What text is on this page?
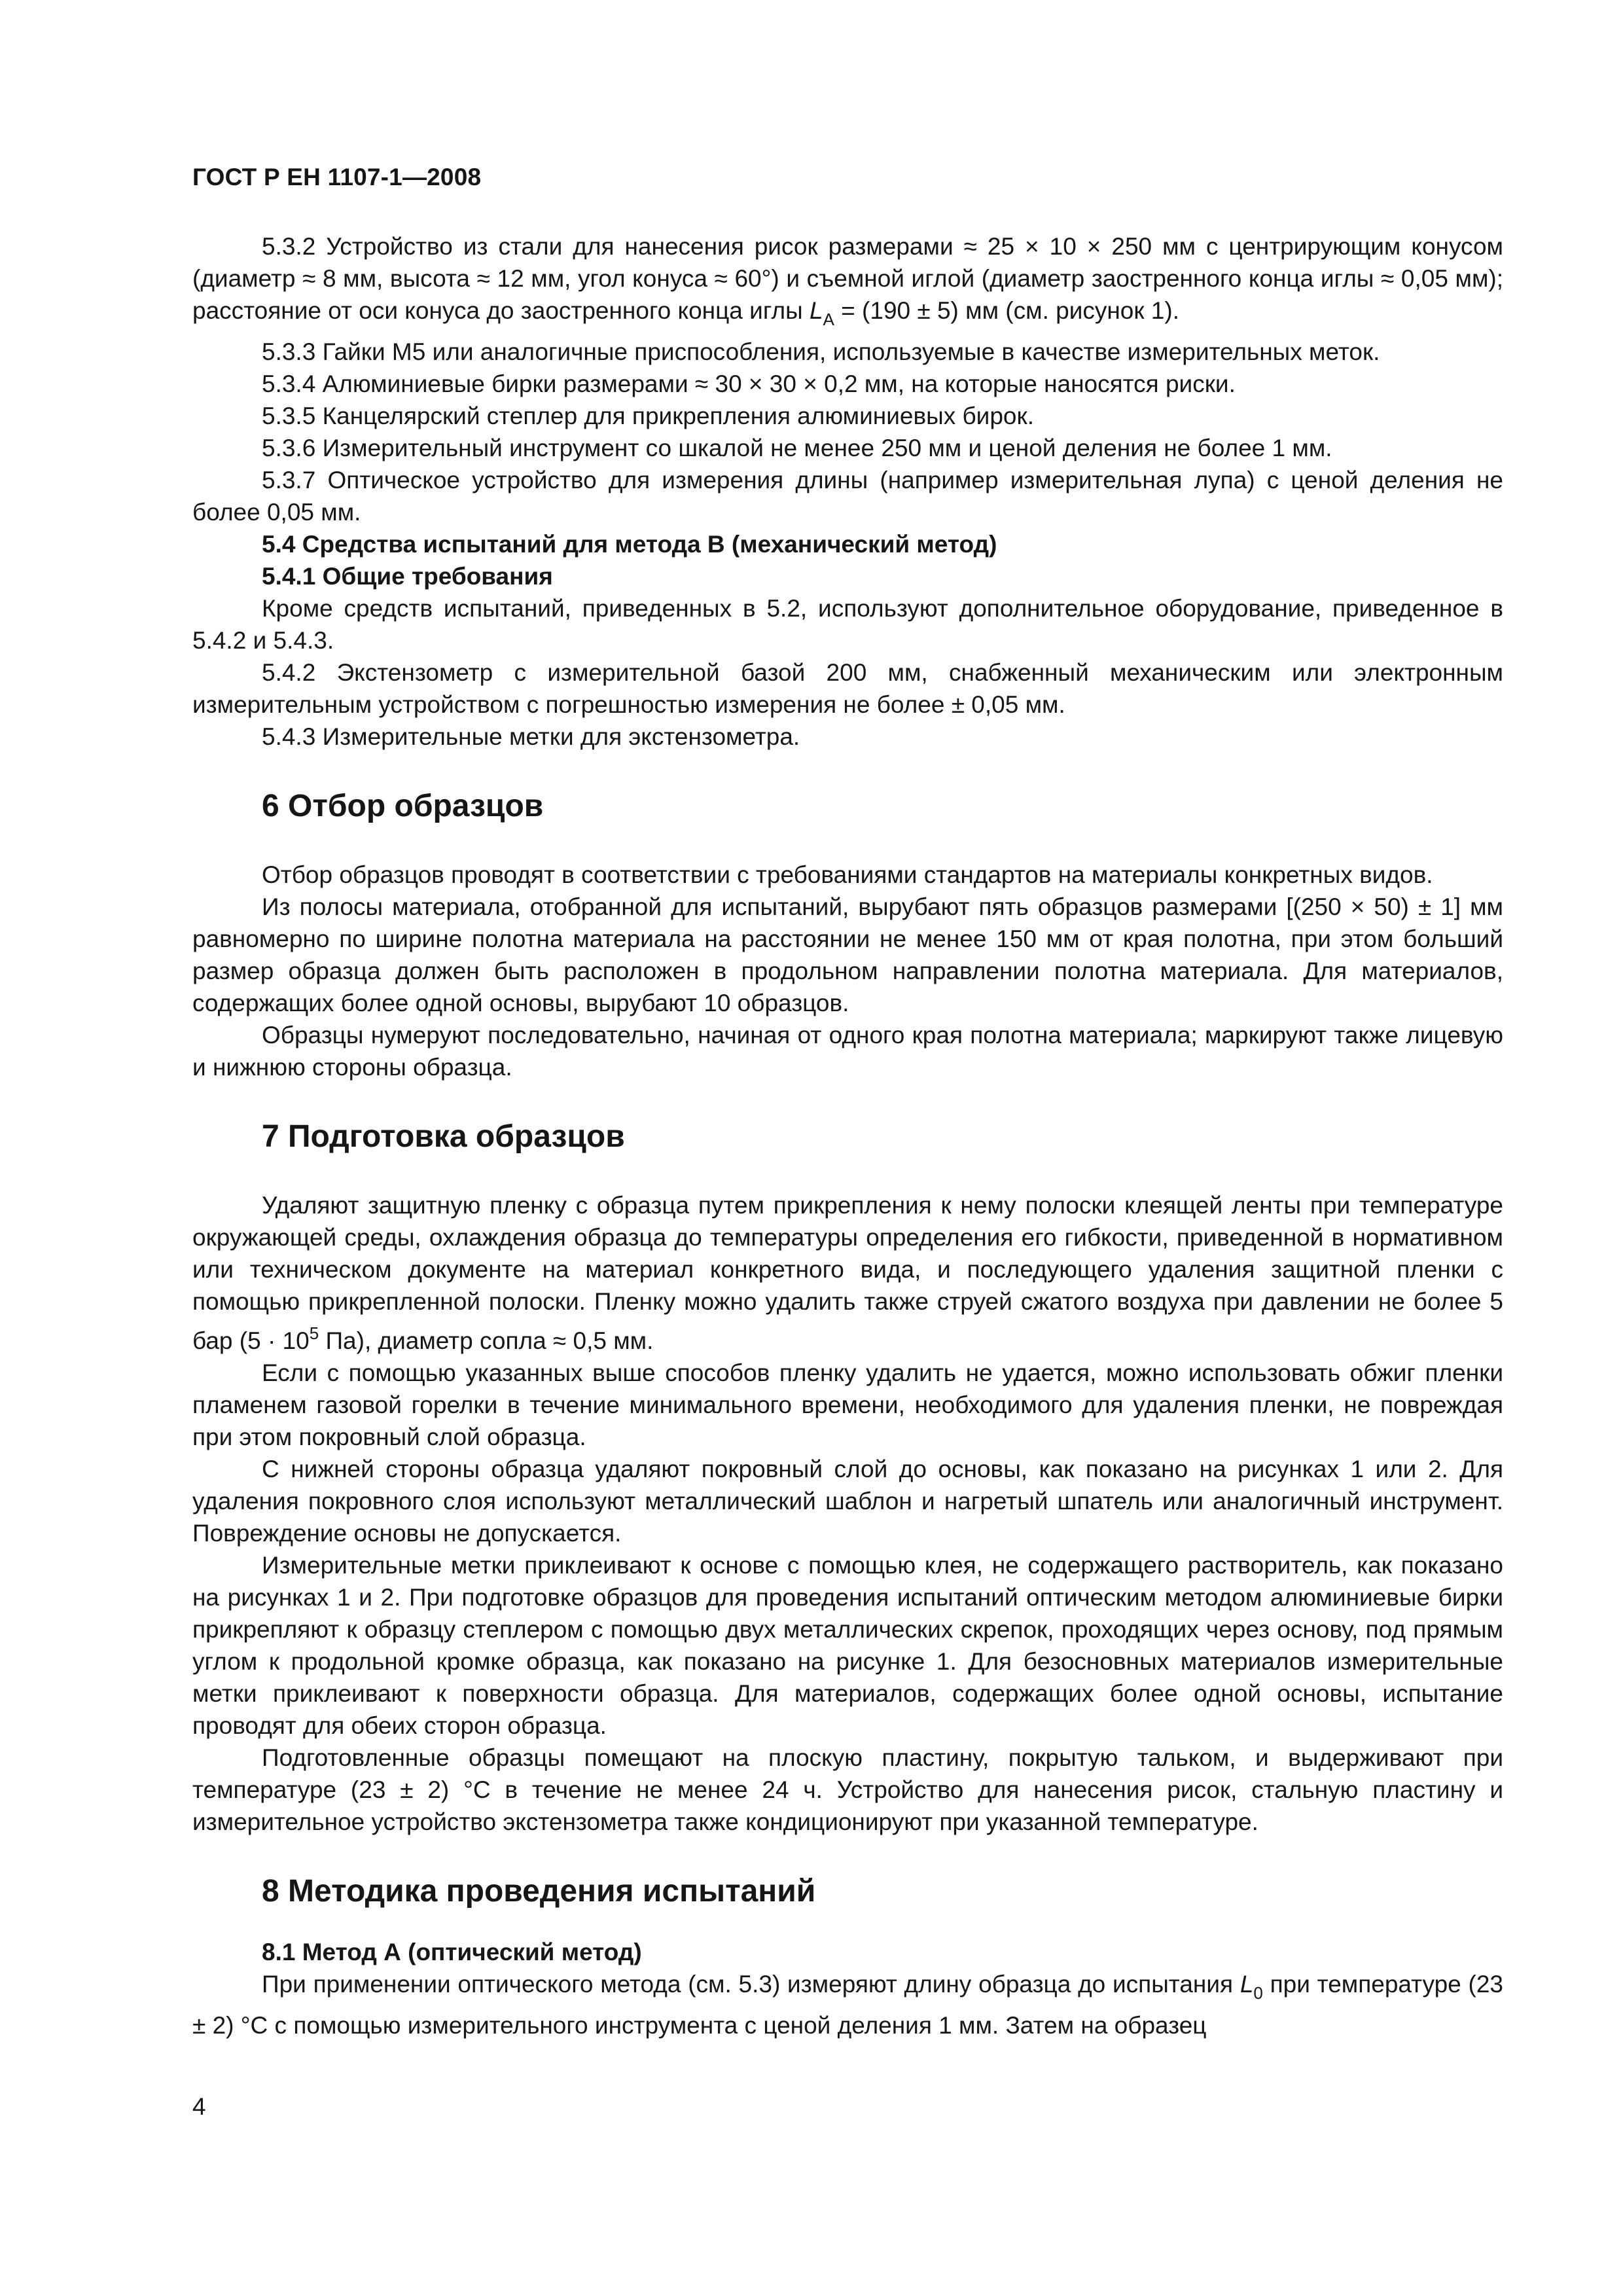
ГОСТ Р ЕН 1107-1—2008

5.3.2 Устройство из стали для нанесения рисок размерами ≈ 25 × 10 × 250 мм с центрирующим конусом (диаметр ≈ 8 мм, высота ≈ 12 мм, угол конуса ≈ 60°) и съемной иглой (диаметр заостренного конца иглы ≈ 0,05 мм); расстояние от оси конуса до заостренного конца иглы $L_A = (190 \pm 5)$ мм (см. рисунок 1).

5.3.3 Гайки М5 или аналогичные приспособления, используемые в качестве измерительных меток.

5.3.4 Алюминиевые бирки размерами ≈ 30 × 30 × 0,2 мм, на которые наносятся риски.

5.3.5 Канцелярский степлер для прикрепления алюминиевых бирок.

5.3.6 Измерительный инструмент со шкалой не менее 250 мм и ценой деления не более 1 мм.

5.3.7 Оптическое устройство для измерения длины (например измерительная лупа) с ценой деления не более 0,05 мм.

5.4 Средства испытаний для метода В (механический метод)

5.4.1 Общие требования

Кроме средств испытаний, приведенных в 5.2, используют дополнительное оборудование, приведенное в 5.4.2 и 5.4.3.

5.4.2 Экстензометр с измерительной базой 200 мм, снабженный механическим или электронным измерительным устройством с погрешностью измерения не более ± 0,05 мм.

5.4.3 Измерительные метки для экстензометра.

6 Отбор образцов

Отбор образцов проводят в соответствии с требованиями стандартов на материалы конкретных видов.

Из полосы материала, отобранной для испытаний, вырубают пять образцов размерами [(250 × 50) ± 1] мм равномерно по ширине полотна материала на расстоянии не менее 150 мм от края полотна, при этом больший размер образца должен быть расположен в продольном направлении полотна материала. Для материалов, содержащих более одной основы, вырубают 10 образцов.

Образцы нумеруют последовательно, начиная от одного края полотна материала; маркируют также лицевую и нижнюю стороны образца.

7 Подготовка образцов

Удаляют защитную пленку с образца путем прикрепления к нему полоски клеящей ленты при температуре окружающей среды, охлаждения образца до температуры определения его гибкости, приведенной в нормативном или техническом документе на материал конкретного вида, и последующего удаления защитной пленки с помощью прикрепленной полоски. Пленку можно удалить также струей сжатого воздуха при давлении не более 5 бар ($5 \cdot 10^5$ Па), диаметр сопла ≈ 0,5 мм.

Если с помощью указанных выше способов пленку удалить не удается, можно использовать обжиг пленки пламенем газовой горелки в течение минимального времени, необходимого для удаления пленки, не повреждая при этом покровный слой образца.

С нижней стороны образца удаляют покровный слой до основы, как показано на рисунках 1 или 2. Для удаления покровного слоя используют металлический шаблон и нагретый шпатель или аналогичный инструмент. Повреждение основы не допускается.

Измерительные метки приклеивают к основе с помощью клея, не содержащего растворитель, как показано на рисунках 1 и 2. При подготовке образцов для проведения испытаний оптическим методом алюминиевые бирки прикрепляют к образцу степлером с помощью двух металлических скрепок, проходящих через основу, под прямым углом к продольной кромке образца, как показано на рисунке 1. Для безосновных материалов измерительные метки приклеивают к поверхности образца. Для материалов, содержащих более одной основы, испытание проводят для обеих сторон образца.

Подготовленные образцы помещают на плоскую пластину, покрытую тальком, и выдерживают при температуре (23 ± 2) °С в течение не менее 24 ч. Устройство для нанесения рисок, стальную пластину и измерительное устройство экстензометра также кондиционируют при указанной температуре.

8 Методика проведения испытаний

8.1 Метод А (оптический метод)

При применении оптического метода (см. 5.3) измеряют длину образца до испытания $L_0$ при температуре (23 ± 2) °С с помощью измерительного инструмента с ценой деления 1 мм. Затем на образец

4
